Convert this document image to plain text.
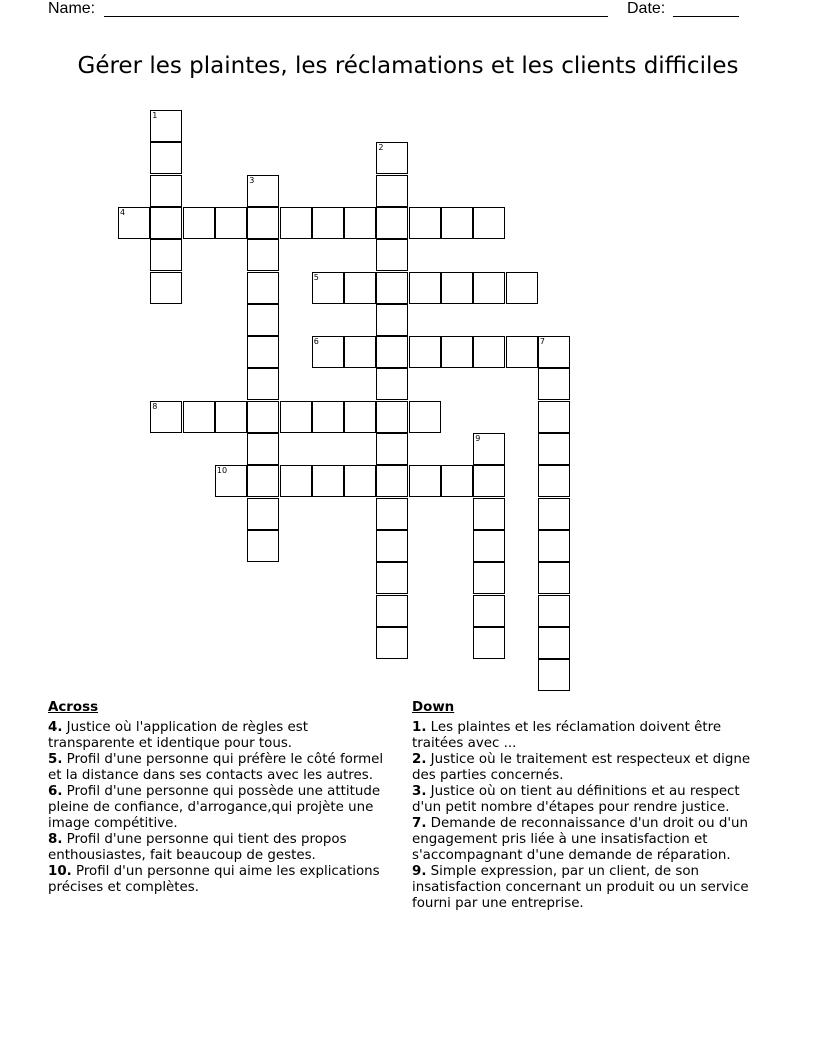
Name:	Date:
Gérer les plaintes, les réclamations et les clients difficiles
1
2
3
4
5
6	7
8
9
10
Across
4. Justice où l'application de règles est transparente et identique pour tous.
5. Profil d'une personne qui préfère le côté formel et la distance dans ses contacts avec les autres.
6. Profil d'une personne qui possède une attitude pleine de confiance, d'arrogance,qui projète une image compétitive.
8. Profil d'une personne qui tient des propos enthousiastes, fait beaucoup de gestes.
10. Profil d'un personne qui aime les explications précises et complètes.
Down
1. Les plaintes et les réclamation doivent être traitées avec ...
2. Justice où le traitement est respecteux et digne des parties concernés.
3. Justice où on tient au définitions et au respect d'un petit nombre d'étapes pour rendre justice.
7. Demande de reconnaissance d'un droit ou d'un engagement pris liée à une insatisfaction et s'accompagnant d'une demande de réparation.
9. Simple expression, par un client, de son insatisfaction concernant un produit ou un service fourni par une entreprise.
